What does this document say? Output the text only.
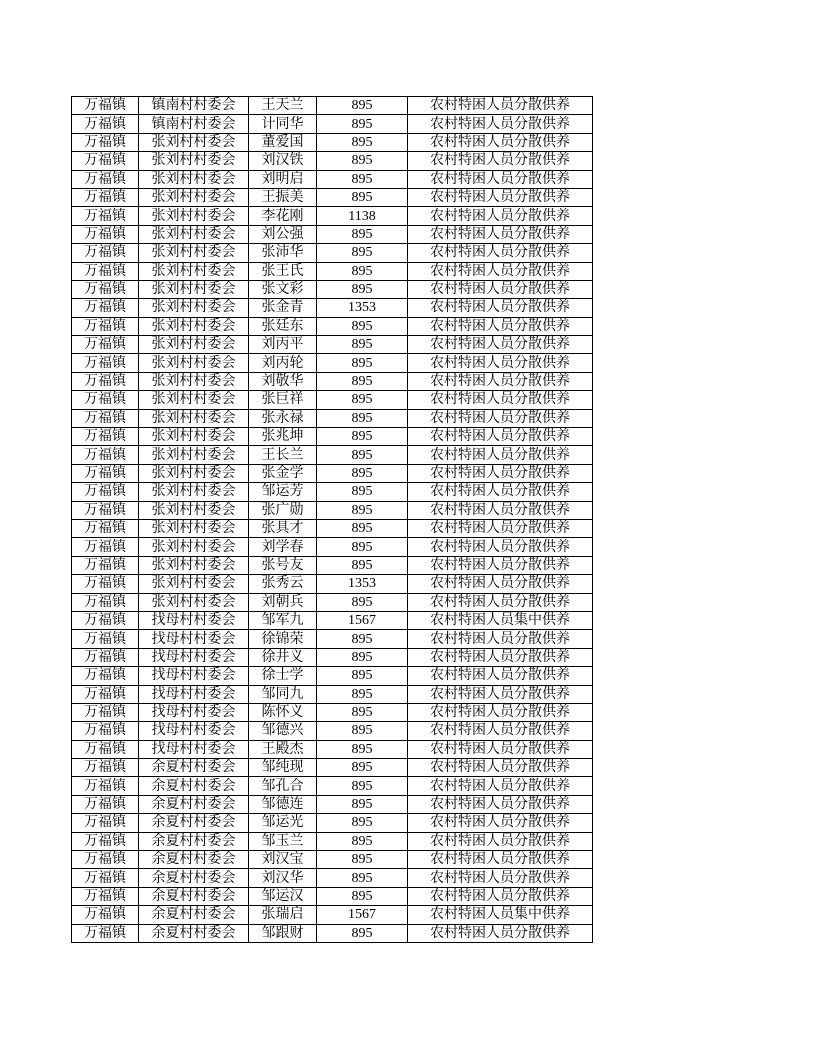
万福镇	镇南村村委会	王天兰	895	农村特困人员分散供养
万福镇	镇南村村委会	计同华	895	农村特困人员分散供养
万福镇	张刘村村委会	董爱国	895	农村特困人员分散供养
万福镇	张刘村村委会	刘汉铁	895	农村特困人员分散供养
万福镇	张刘村村委会	刘明启	895	农村特困人员分散供养
万福镇	张刘村村委会	王振美	895	农村特困人员分散供养
万福镇	张刘村村委会	李花刚	1138	农村特困人员分散供养
万福镇	张刘村村委会	刘公强	895	农村特困人员分散供养
万福镇	张刘村村委会	张沛华	895	农村特困人员分散供养
万福镇	张刘村村委会	张王氏	895	农村特困人员分散供养
万福镇	张刘村村委会	张文彩	895	农村特困人员分散供养
万福镇	张刘村村委会	张金青	1353	农村特困人员分散供养
万福镇	张刘村村委会	张廷东	895	农村特困人员分散供养
万福镇	张刘村村委会	刘丙平	895	农村特困人员分散供养
万福镇	张刘村村委会	刘丙轮	895	农村特困人员分散供养
万福镇	张刘村村委会	刘敬华	895	农村特困人员分散供养
万福镇	张刘村村委会	张巨祥	895	农村特困人员分散供养
万福镇	张刘村村委会	张永禄	895	农村特困人员分散供养
万福镇	张刘村村委会	张兆坤	895	农村特困人员分散供养
万福镇	张刘村村委会	王长兰	895	农村特困人员分散供养
万福镇	张刘村村委会	张金学	895	农村特困人员分散供养
万福镇	张刘村村委会	邹运芳	895	农村特困人员分散供养
万福镇	张刘村村委会	张广勋	895	农村特困人员分散供养
万福镇	张刘村村委会	张具才	895	农村特困人员分散供养
万福镇	张刘村村委会	刘学春	895	农村特困人员分散供养
万福镇	张刘村村委会	张号友	895	农村特困人员分散供养
万福镇	张刘村村委会	张秀云	1353	农村特困人员分散供养
万福镇	张刘村村委会	刘朝兵	895	农村特困人员分散供养
万福镇	找母村村委会	邹军九	1567	农村特困人员集中供养
万福镇	找母村村委会	徐锦荣	895	农村特困人员分散供养
万福镇	找母村村委会	徐井义	895	农村特困人员分散供养
万福镇	找母村村委会	徐士学	895	农村特困人员分散供养
万福镇	找母村村委会	邹同九	895	农村特困人员分散供养
万福镇	找母村村委会	陈怀义	895	农村特困人员分散供养
万福镇	找母村村委会	邹德兴	895	农村特困人员分散供养
万福镇	找母村村委会	王殿杰	895	农村特困人员分散供养
万福镇	余夏村村委会	邹纯现	895	农村特困人员分散供养
万福镇	余夏村村委会	邹孔合	895	农村特困人员分散供养
万福镇	余夏村村委会	邹德连	895	农村特困人员分散供养
万福镇	余夏村村委会	邹运光	895	农村特困人员分散供养
万福镇	余夏村村委会	邹玉兰	895	农村特困人员分散供养
万福镇	余夏村村委会	刘汉宝	895	农村特困人员分散供养
万福镇	余夏村村委会	刘汉华	895	农村特困人员分散供养
万福镇	余夏村村委会	邹运汉	895	农村特困人员分散供养
万福镇	余夏村村委会	张瑞启	1567	农村特困人员集中供养
万福镇	余夏村村委会	邹跟财	895	农村特困人员分散供养
